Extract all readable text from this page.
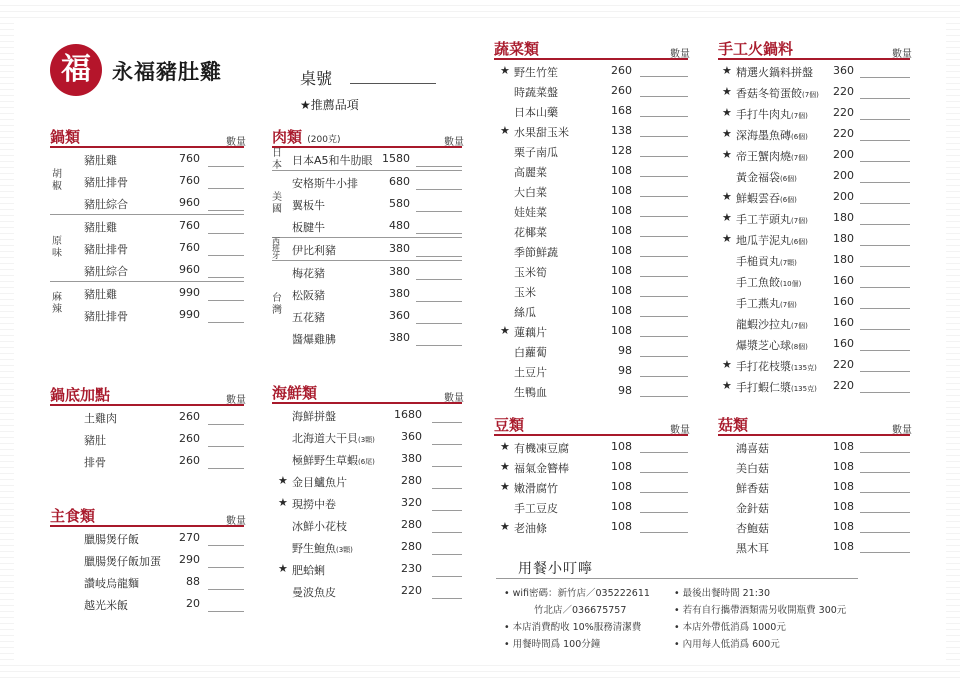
福	永福豬肚雞	桌號
★推薦品項
鍋類	數量
胡椒
豬肚雞	760
豬肚排骨	760
豬肚綜合	960
原味
豬肚雞	760
豬肚排骨	760
豬肚綜合	960
麻辣
豬肚雞	990
豬肚排骨	990
鍋底加點	數量
土雞肉	260
豬肚	260
排骨	260
主食類	數量
臘腸煲仔飯	270
臘腸煲仔飯加蛋	290
讚岐烏龍麵	88
越光米飯	20
肉類 (200克)	數量
日本 日本A5和牛肋眼 1580
美國
安格斯牛小排	680
翼板牛	580
板腱牛	480
西班牙	伊比利豬	380
台灣
梅花豬	380
松阪豬	380
五花豬	360
醬爆雞胇	380
海鮮類	數量
海鮮拼盤	1680
北海道大干貝(3顆)	360
極鮮野生草蝦(6尾)	380
★ 金目鱸魚片	280
★ 現撈中卷	320
冰鮮小花枝	280
野生鮑魚(3顆)	280
★ 肥蛤蜊	230
曼波魚皮	220
蔬菜類	數量
★ 野生竹笙	260
時蔬菜盤	260
日本山藥	168
★ 水果甜玉米	138
栗子南瓜	128
高麗菜	108
大白菜	108
娃娃菜	108
花椰菜	108
季節鮮蔬	108
玉米筍	108
玉米	108
絲瓜	108
★ 蓮藕片	108
白蘿蔔	98
土豆片	98
生鴨血	98
豆類	數量
★ 有機凍豆腐	108
★ 福氣金簪棒	108
★ 嫩滑腐竹	108
手工豆皮	108
★ 老油條	108
手工火鍋料	數量
★ 精選火鍋料拼盤	360
★ 香菇冬筍蛋餃(7個)	220
★ 手打牛肉丸(7個)	220
★ 深海墨魚磚(6個)	220
★ 帝王蟹肉燒(7個)	200
黃金福袋(6個)	200
★ 鮮蝦雲吞(6個)	200
★ 手工芋頭丸(7個)	180
★ 地瓜芋泥丸(6個)	180
手槌貢丸(7顆)	180
手工魚餃(10個)	160
手工燕丸(7個)	160
龍蝦沙拉丸(7個)	160
爆漿芝心球(8個)	160
★ 手打花枝漿(135克)	220
★ 手打蝦仁漿(135克)	220
菇類	數量
鴻喜菇	108
美白菇	108
鮮香菇	108
金針菇	108
杏鮑菇	108
黑木耳	108
用餐小叮嚀
• wifi密碼：新竹店／035222611
竹北店／036675757
• 本店消費酌收 10%服務清潔費
• 用餐時間爲 100分鐘
• 最後出餐時間 21:30
• 若有自行攜帶酒類需另收開瓶費 300元
• 本店外帶低消爲 1000元
• 內用每人低消爲 600元
